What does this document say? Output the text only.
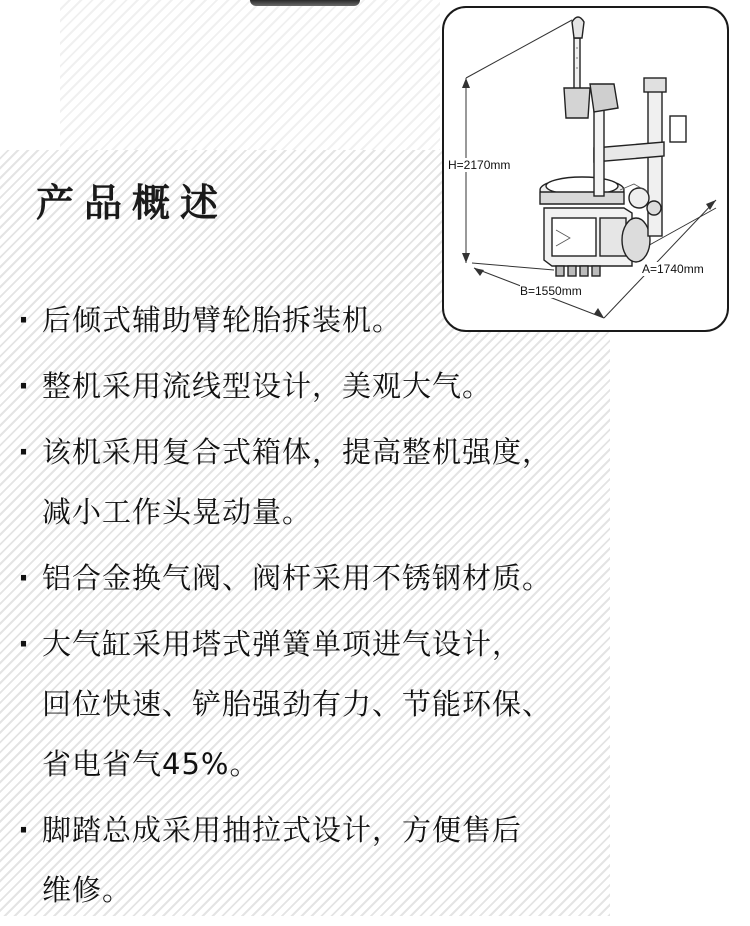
产品概述
H=2170mm
B=1550mm
A=1740mm
· 后倾式辅助臂轮胎拆装机。
· 整机采用流线型设计，美观大气。
· 该机采用复合式箱体，提高整机强度，
减小工作头晃动量。
· 铝合金换气阀、阀杆采用不锈钢材质。
· 大气缸采用塔式弹簧单项进气设计，
回位快速、铲胎强劲有力、节能环保、
省电省气45%。
· 脚踏总成采用抽拉式设计，方便售后
维修。
